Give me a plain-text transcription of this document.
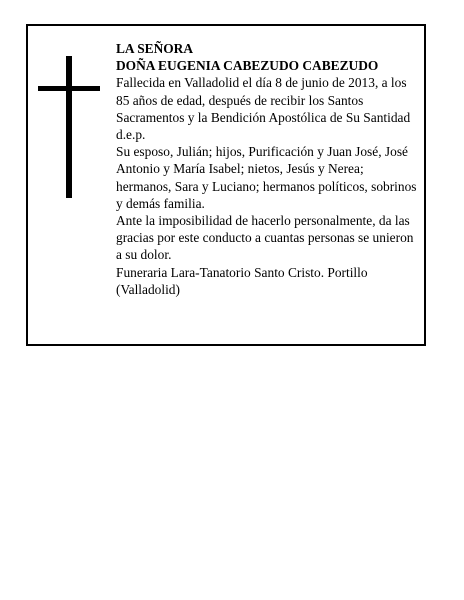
LA SEÑORA

DOÑA EUGENIA CABEZUDO CABEZUDO

Fallecida en Valladolid el día 8 de junio de 2013, a los 85 años de edad, después de recibir los Santos Sacramentos y la Bendición Apostólica de Su Santidad d.e.p.

Su esposo, Julián; hijos, Purificación y Juan José, José Antonio y María Isabel; nietos, Jesús y Nerea; hermanos, Sara y Luciano; hermanos políticos, sobrinos y demás familia.

Ante la imposibilidad de hacerlo personalmente, da las gracias por este conducto a cuantas personas se unieron a su dolor.

Funeraria Lara-Tanatorio Santo Cristo. Portillo (Valladolid)
